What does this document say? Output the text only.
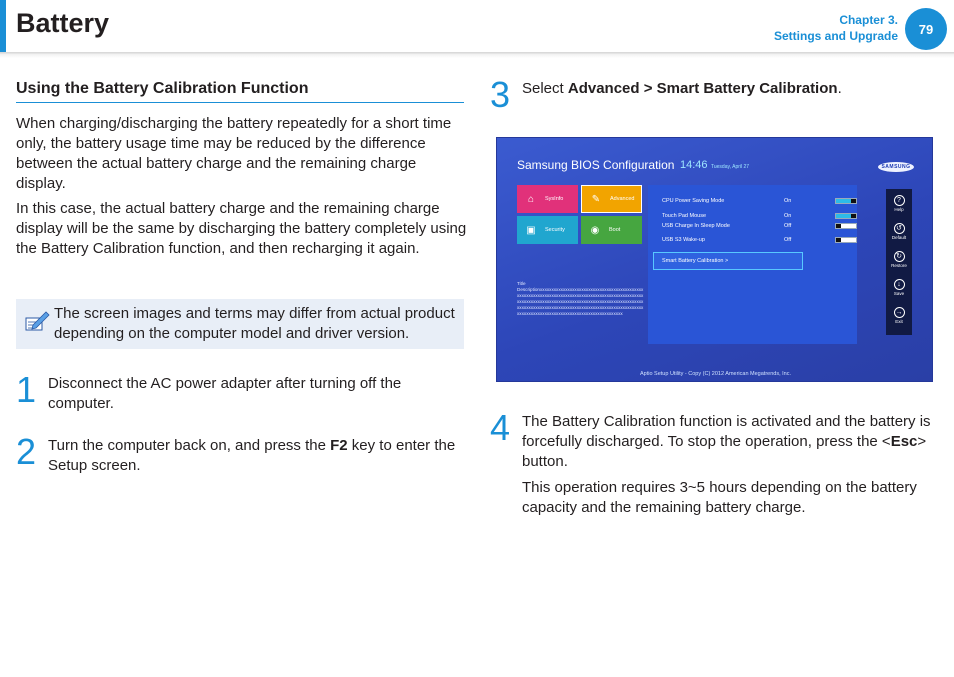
Battery	Chapter 3.
Settings and Upgrade	79
Using the Battery Calibration Function
When charging/discharging the battery repeatedly for a short time only, the battery usage time may be reduced by the difference between the actual battery charge and the remaining charge display.
In this case, the actual battery charge and the remaining charge display will be the same by discharging the battery completely using the Battery Calibration function, and then recharging it again.
The screen images and terms may differ from actual product depending on the computer model and driver version.
1 Disconnect the AC power adapter after turning off the computer.
2 Turn the computer back on, and press the F2 key to enter the Setup screen.
3 Select Advanced > Smart Battery Calibration.
Samsung BIOS Configuration 14:46 Tuesday, April 27	SAMSUNG
⌂	SysInfo	✎	Advanced
▣ Security	◉ Boot
CPU Power Saving Mode	On
Touch Pad Mouse	On
USB Charge In Sleep Mode	Off
USB S3 Wake-up	Off
Smart Battery Calibration >
Title
Descriptionxxxxxxxxxxxxxxxxxxxxxxxxxxxxxxxxxxxxxxxxxxxxxxxxxxxxxxxxxxxxxxxxxxxxxxxxxxxxxxxxxxxxxxxxxxxxxxxxxxxxxxxxxxxxxxxxxxxxxxxxxxxxxxxxxxxxxxxxxxxxxxxxxxxxxxxxxxxxxxxxxxxxxxxxxxxxxxxxxxxxxxxxxxxxxxxxxxxxxxxxxxxxxxxxxxxxxxxxxxxxxxxxxxxxxxxxxxxxxxxxxxxxxxxxxxxxxxxx
?
Help
↺
Default
↻
Restore
↓
Save
→
Exit
Aptio Setup Utility - Copy (C) 2012 American Megatrends, Inc.
4 The Battery Calibration function is activated and the battery is forcefully discharged. To stop the operation, press the <Esc> button.
This operation requires 3~5 hours depending on the battery capacity and the remaining battery charge.
